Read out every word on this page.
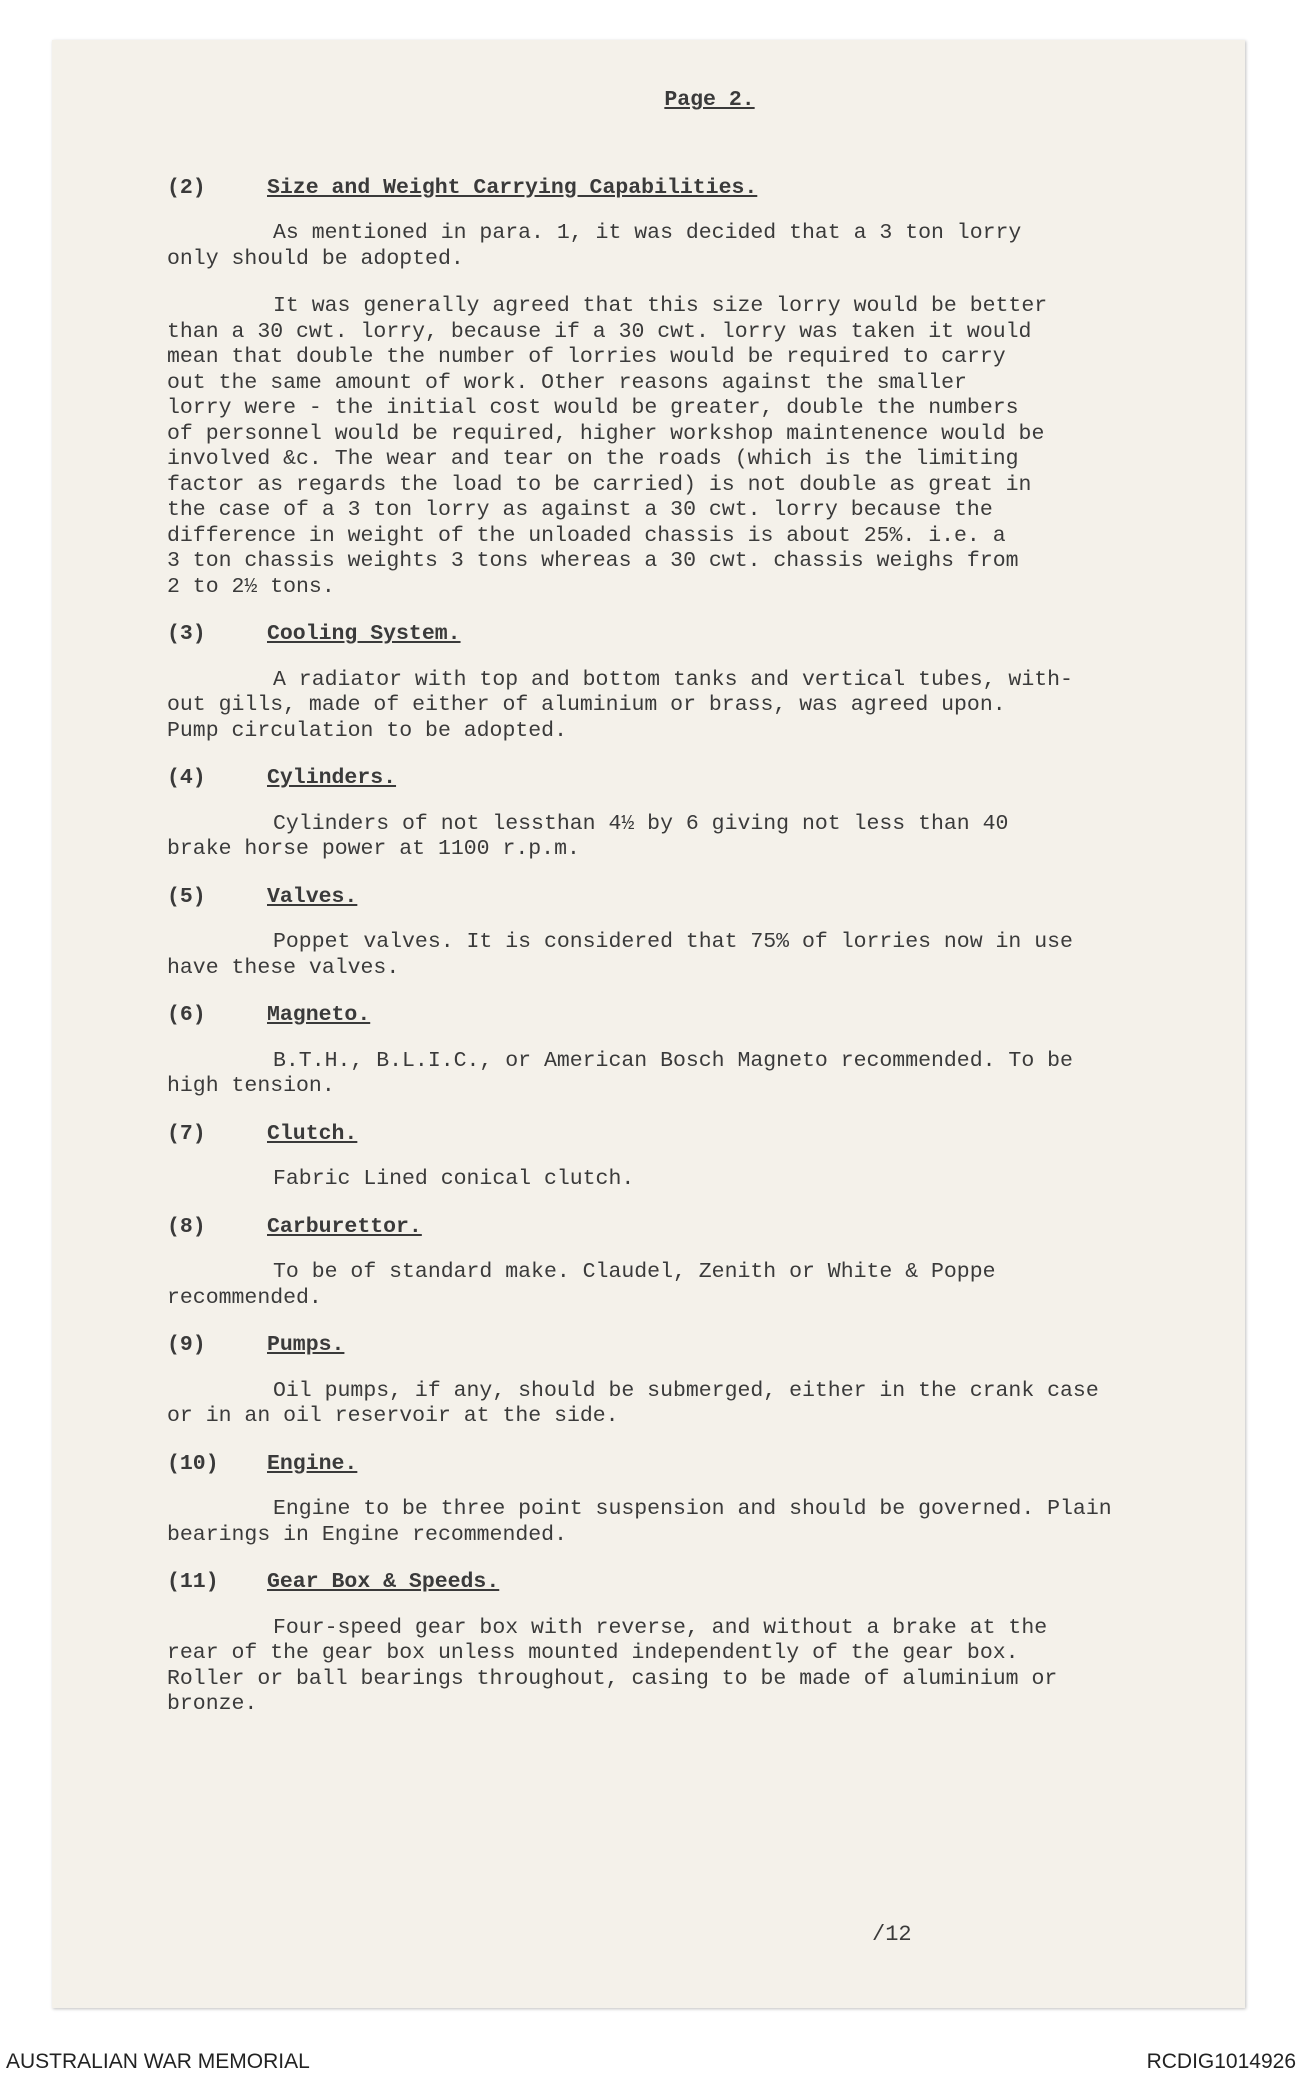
Page 2.
(2)	Size and Weight Carrying Capabilities.

As mentioned in para. 1, it was decided that a 3 ton lorry
only should be adopted.

It was generally agreed that this size lorry would be better
than a 30 cwt. lorry, because if a 30 cwt. lorry was taken it would
mean that double the number of lorries would be required to carry
out the same amount of work. Other reasons against the smaller
lorry were - the initial cost would be greater, double the numbers
of personnel would be required, higher workshop maintenence would be
involved &c. The wear and tear on the roads (which is the limiting
factor as regards the load to be carried) is not double as great in
the case of a 3 ton lorry as against a 30 cwt. lorry because the
difference in weight of the unloaded chassis is about 25%. i.e. a
3 ton chassis weights 3 tons whereas a 30 cwt. chassis weighs from
2 to 2½ tons.

(3)	Cooling System.

A radiator with top and bottom tanks and vertical tubes, with-
out gills, made of either of aluminium or brass, was agreed upon.
Pump circulation to be adopted.

(4)	Cylinders.

Cylinders of not lessthan 4½ by 6 giving not less than 40
brake horse power at 1100 r.p.m.

(5)	Valves.

Poppet valves. It is considered that 75% of lorries now in use
have these valves.

(6)	Magneto.

B.T.H., B.L.I.C., or American Bosch Magneto recommended. To be
high tension.

(7)	Clutch.

Fabric Lined conical clutch.

(8)	Carburettor.

To be of standard make. Claudel, Zenith or White & Poppe
recommended.

(9)	Pumps.

Oil pumps, if any, should be submerged, either in the crank case
or in an oil reservoir at the side.

(10)	Engine.

Engine to be three point suspension and should be governed. Plain
bearings in Engine recommended.

(11)	Gear Box & Speeds.

Four-speed gear box with reverse, and without a brake at the
rear of the gear box unless mounted independently of the gear box.
Roller or ball bearings throughout, casing to be made of aluminium or
bronze.

/12
AUSTRALIAN WAR MEMORIAL	RCDIG1014926
